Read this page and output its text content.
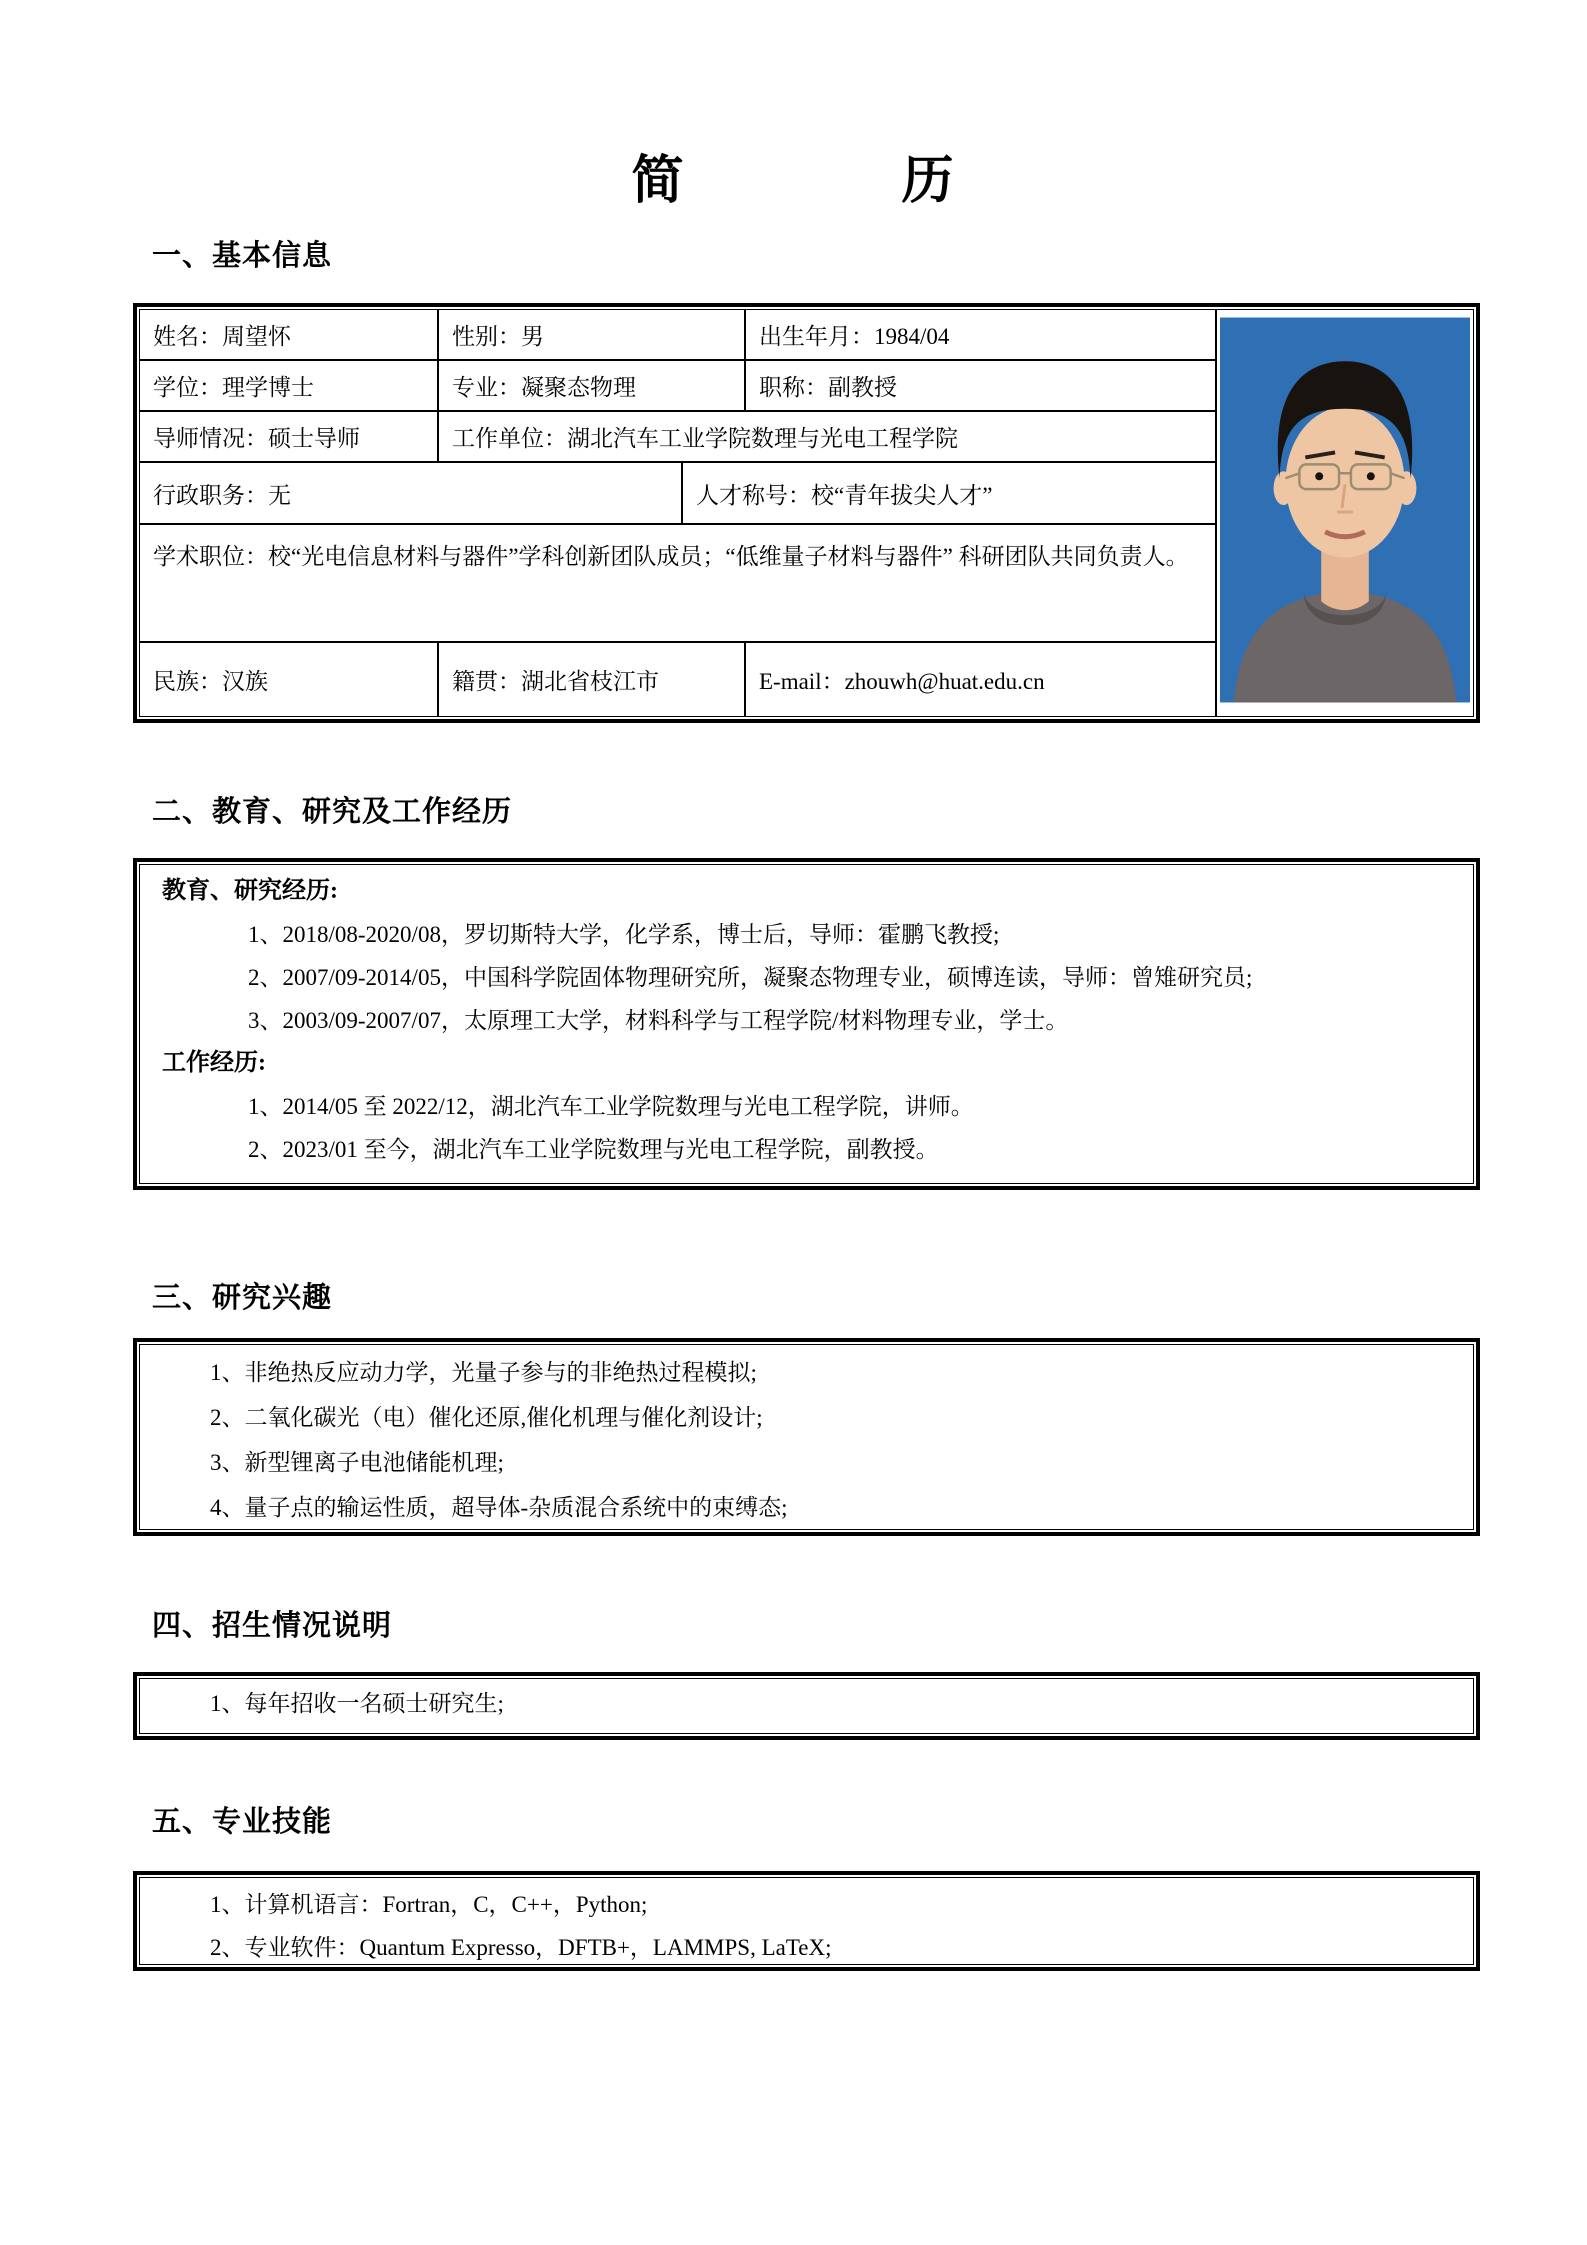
简　　　　历
一、基本信息
姓名：周望怀	性别：男	出生年月：1984/04
学位：理学博士	专业：凝聚态物理	职称：副教授
导师情况：硕士导师	工作单位：湖北汽车工业学院数理与光电工程学院
行政职务：无	人才称号：校“青年拔尖人才”
学术职位：校“光电信息材料与器件”学科创新团队成员；“低维量子材料与器件” 科研团队共同负责人。
民族：汉族	籍贯：湖北省枝江市	E-mail：zhouwh@huat.edu.cn
二、教育、研究及工作经历
教育、研究经历:
1、2018/08-2020/08，罗切斯特大学，化学系，博士后，导师：霍鹏飞教授;
2、2007/09-2014/05，中国科学院固体物理研究所，凝聚态物理专业，硕博连读，导师：曾雉研究员;
3、2003/09-2007/07，太原理工大学，材料科学与工程学院/材料物理专业，学士。
工作经历:
1、2014/05 至 2022/12，湖北汽车工业学院数理与光电工程学院，讲师。
2、2023/01 至今，湖北汽车工业学院数理与光电工程学院，副教授。
三、研究兴趣
1、非绝热反应动力学，光量子参与的非绝热过程模拟;
2、二氧化碳光（电）催化还原,催化机理与催化剂设计;
3、新型锂离子电池储能机理;
4、量子点的输运性质，超导体-杂质混合系统中的束缚态;
四、招生情况说明
1、每年招收一名硕士研究生;
五、专业技能
1、计算机语言：Fortran，C，C++，Python;
2、专业软件：Quantum Expresso，DFTB+，LAMMPS, LaTeX;
